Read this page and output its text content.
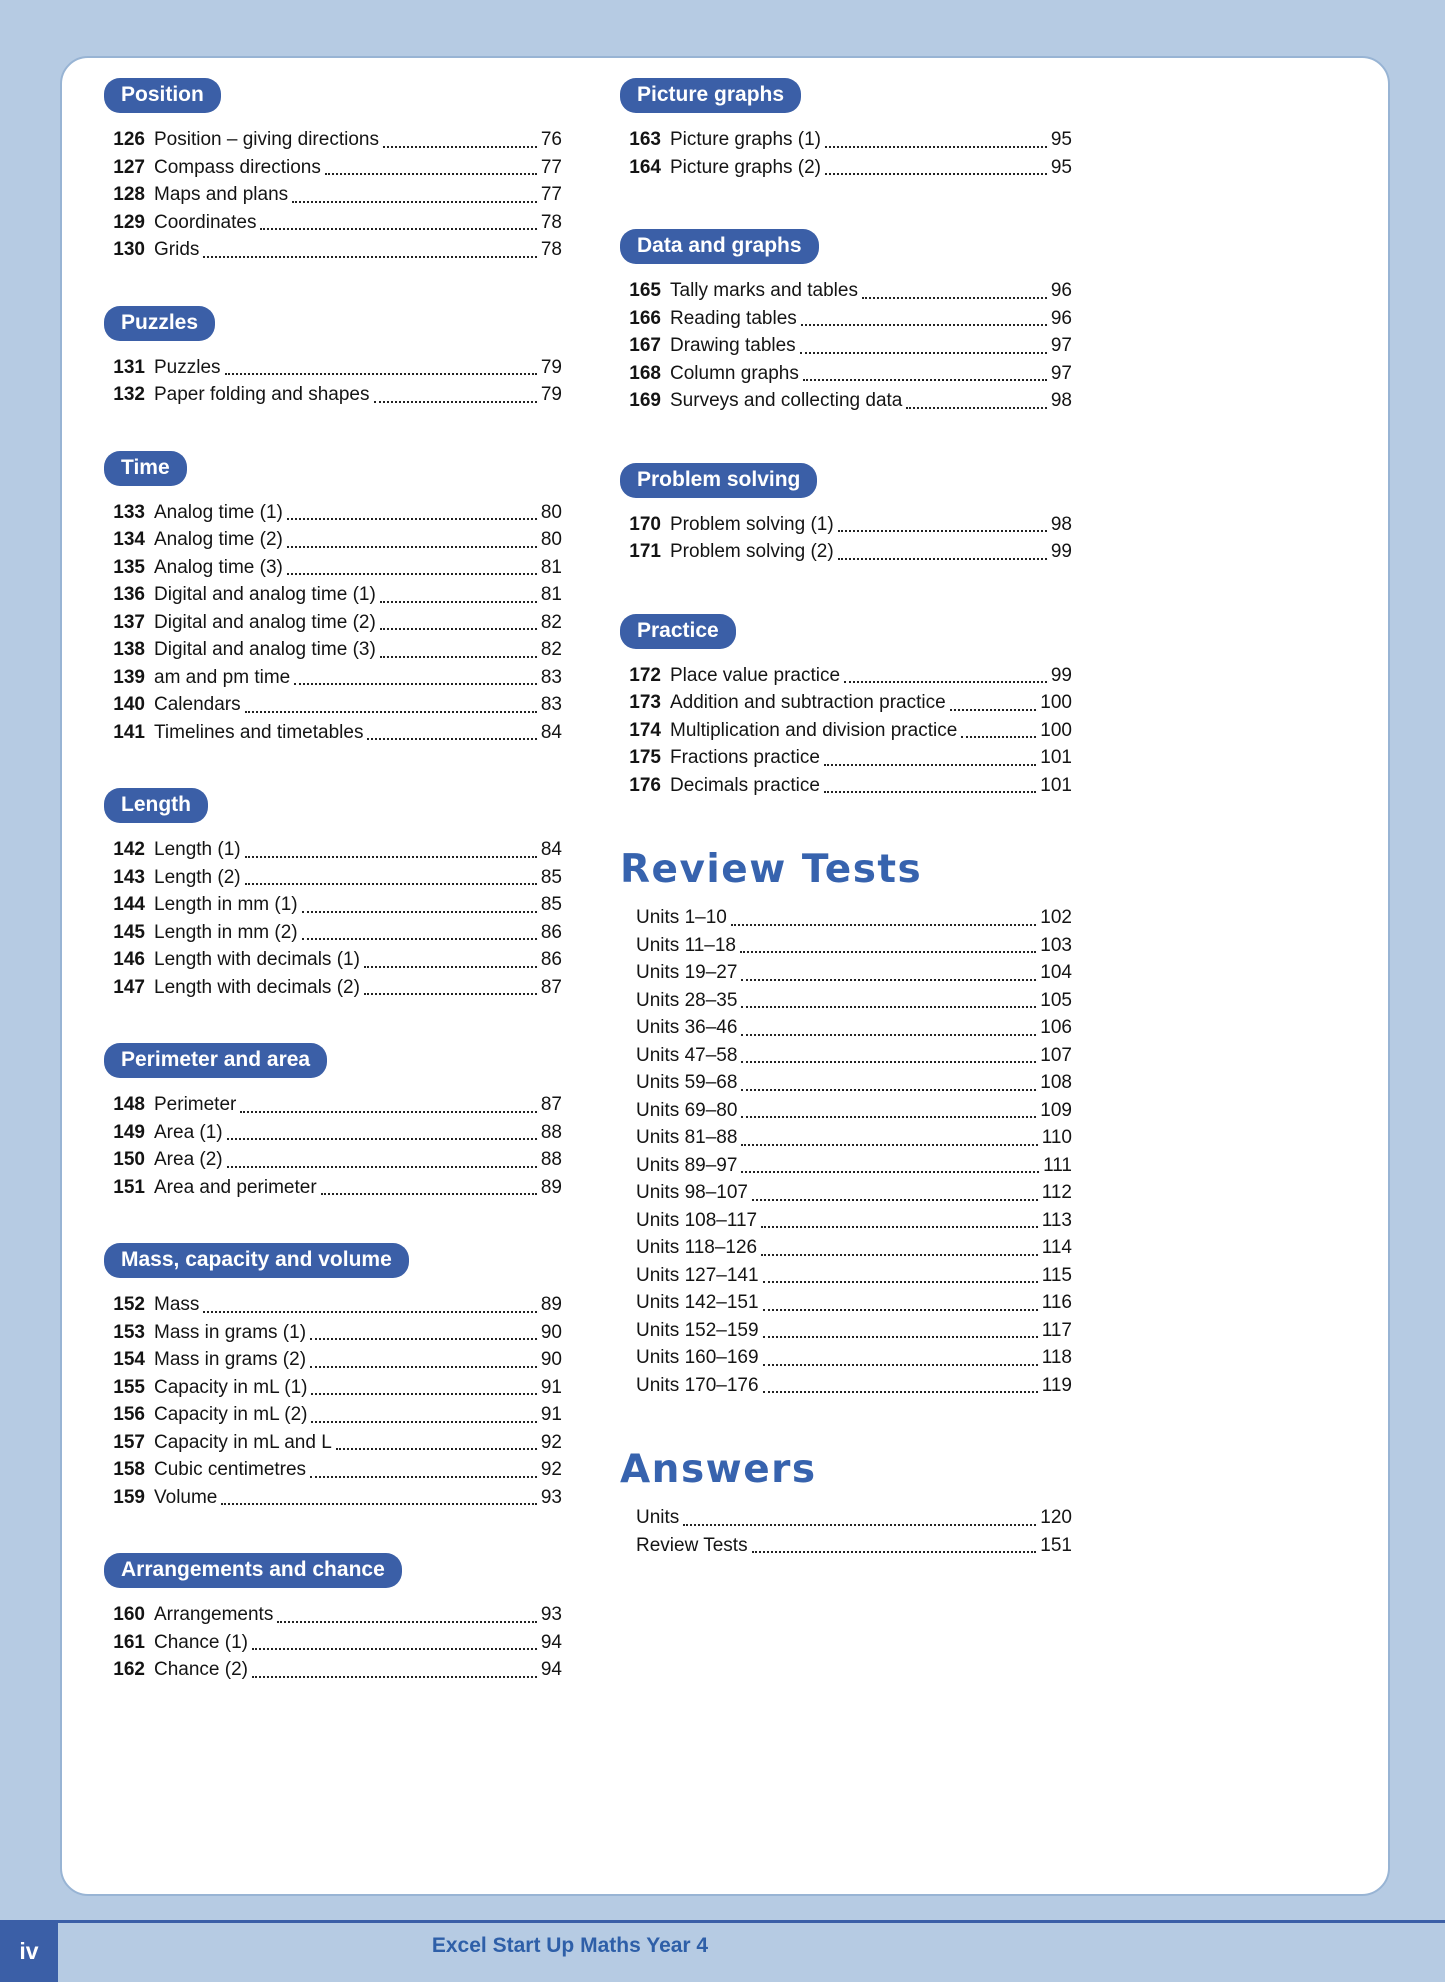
Position
126 Position – giving directions	76
127 Compass directions	77
128 Maps and plans	77
129 Coordinates	78
130 Grids	78
Puzzles
131 Puzzles	79
132 Paper folding and shapes	79
Time
133 Analog time (1)	80
134 Analog time (2)	80
135 Analog time (3)	81
136 Digital and analog time (1)	81
137 Digital and analog time (2)	82
138 Digital and analog time (3)	82
139 am and pm time	83
140 Calendars	83
141 Timelines and timetables	84
Length
142 Length (1)	84
143 Length (2)	85
144 Length in mm (1)	85
145 Length in mm (2)	86
146 Length with decimals (1)	86
147 Length with decimals (2)	87
Perimeter and area
148 Perimeter	87
149 Area (1)	88
150 Area (2)	88
151 Area and perimeter	89
Mass, capacity and volume
152 Mass	89
153 Mass in grams (1)	90
154 Mass in grams (2)	90
155 Capacity in mL (1)	91
156 Capacity in mL (2)	91
157 Capacity in mL and L	92
158 Cubic centimetres	92
159 Volume	93
Arrangements and chance
160 Arrangements	93
161 Chance (1)	94
162 Chance (2)	94
Picture graphs
163 Picture graphs (1)	95
164 Picture graphs (2)	95
Data and graphs
165 Tally marks and tables	96
166 Reading tables	96
167 Drawing tables	97
168 Column graphs	97
169 Surveys and collecting data	98
Problem solving
170 Problem solving (1)	98
171 Problem solving (2)	99
Practice
172 Place value practice	99
173 Addition and subtraction practice	100
174 Multiplication and division practice	100
175 Fractions practice	101
176 Decimals practice	101
Review Tests
Units 1–10	102
Units 11–18	103
Units 19–27	104
Units 28–35	105
Units 36–46	106
Units 47–58	107
Units 59–68	108
Units 69–80	109
Units 81–88	110
Units 89–97	111
Units 98–107	112
Units 108–117	113
Units 118–126	114
Units 127–141	115
Units 142–151	116
Units 152–159	117
Units 160–169	118
Units 170–176	119
Answers
Units	120
Review Tests	151
iv	Excel Start Up Maths Year 4
